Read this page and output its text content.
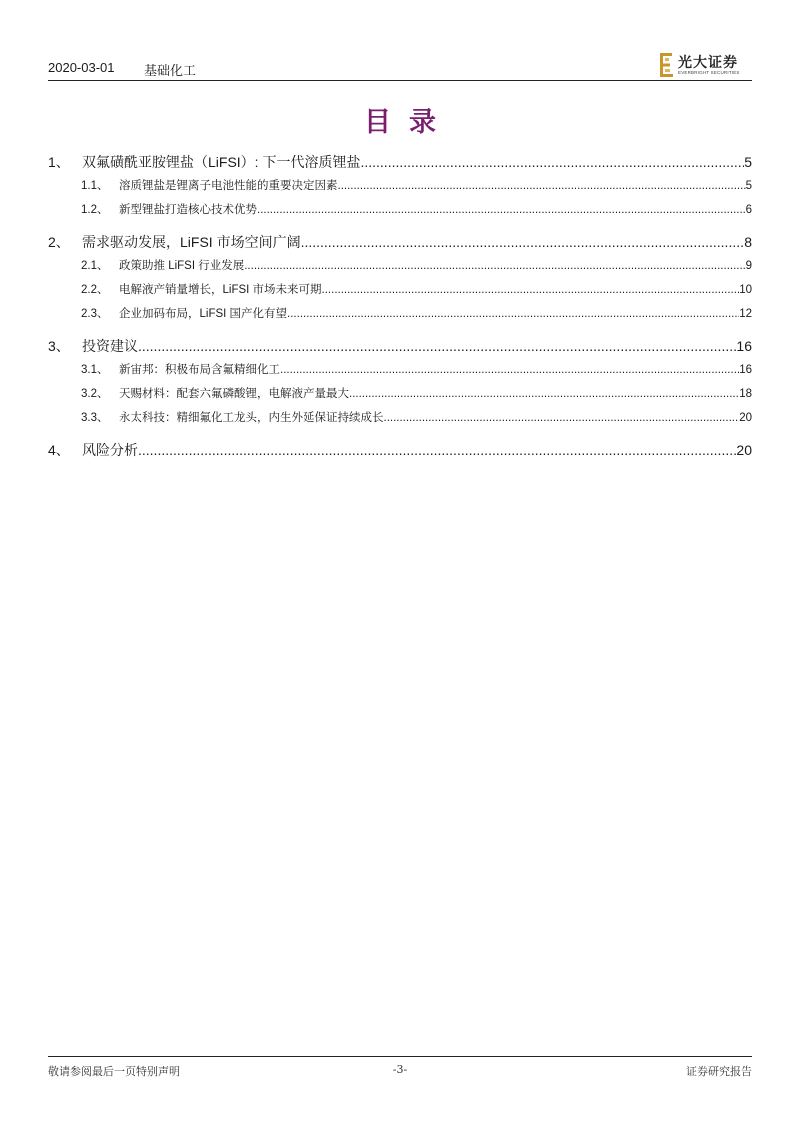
2020-03-01 基础化工	光大证券
EVERBRIGHT SECURITIES
目录
1、 双氟磺酰亚胺锂盐（LiFSI）: 下一代溶质锂盐 .....	5
1.1、 溶质锂盐是锂离子电池性能的重要决定因素 .....	5
1.2、 新型锂盐打造核心技术优势 .....	6
2、 需求驱动发展，LiFSI 市场空间广阔 .....	8
2.1、 政策助推 LiFSI 行业发展 .....	9
2.2、 电解液产销量增长，LiFSI 市场未来可期 .....	10
2.3、 企业加码布局，LiFSI 国产化有望 .....	12
3、 投资建议 .....	16
3.1、 新宙邦：积极布局含氟精细化工 .....	16
3.2、 天赐材料：配套六氟磷酸锂，电解液产量最大 .....	18
3.3、 永太科技：精细氟化工龙头，内生外延保证持续成长 .....	20
4、 风险分析 .....	20
敬请参阅最后一页特别声明	-3-	证券研究报告
